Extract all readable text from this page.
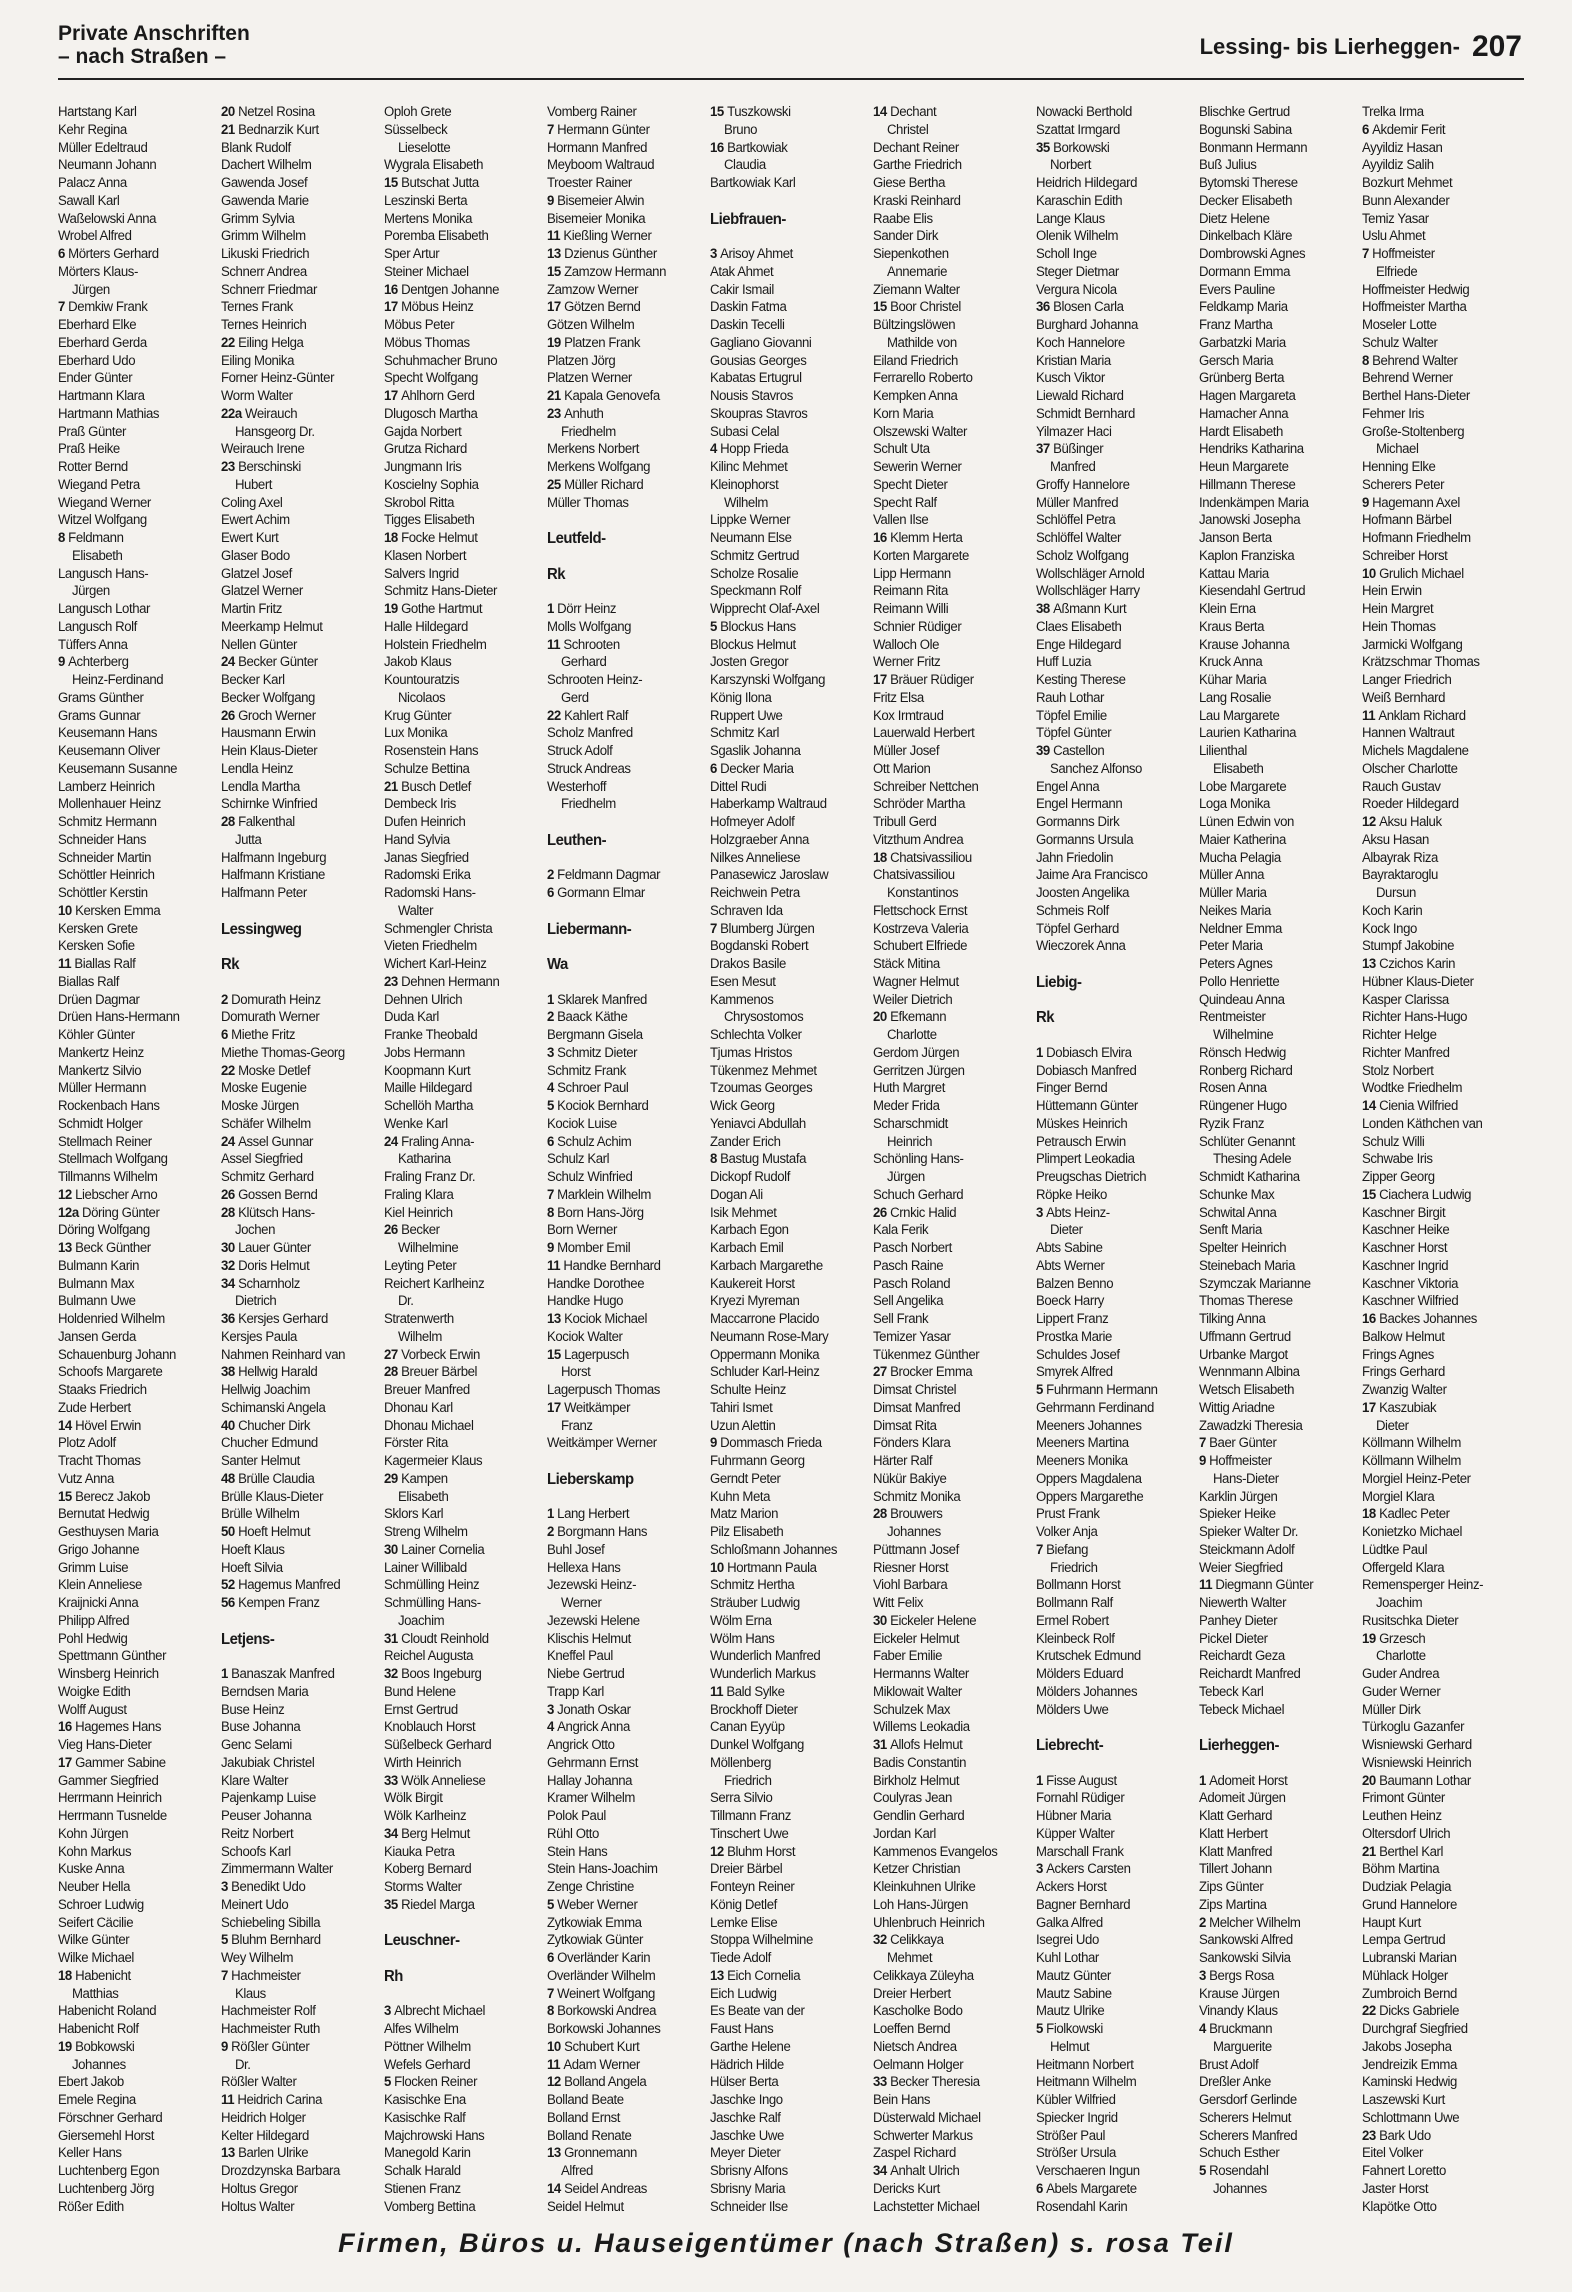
Private Anschriften
– nach Straßen –	Lessing- bis Lierheggen- 207
Hartstang Karl
Kehr Regina
Müller Edeltraud
Neumann Johann
Palacz Anna
Sawall Karl
Waßelowski Anna
Wrobel Alfred
6 Mörters Gerhard
Mörters Klaus-
Jürgen
7 Demkiw Frank
Eberhard Elke
Eberhard Gerda
Eberhard Udo
Ender Günter
Hartmann Klara
Hartmann Mathias
Praß Günter
Praß Heike
Rotter Bernd
Wiegand Petra
Wiegand Werner
Witzel Wolfgang
8 Feldmann
Elisabeth
Langusch Hans-
Jürgen
Langusch Lothar
Langusch Rolf
Tüffers Anna
9 Achterberg
Heinz-Ferdinand
Grams Günther
Grams Gunnar
Keusemann Hans
Keusemann Oliver
Keusemann Susanne
Lamberz Heinrich
Mollenhauer Heinz
Schmitz Hermann
Schneider Hans
Schneider Martin
Schöttler Heinrich
Schöttler Kerstin
10 Kersken Emma
Kersken Grete
Kersken Sofie
11 Biallas Ralf
Biallas Ralf
Drüen Dagmar
Drüen Hans-Hermann
Köhler Günter
Mankertz Heinz
Mankertz Silvio
Müller Hermann
Rockenbach Hans
Schmidt Holger
Stellmach Reiner
Stellmach Wolfgang
Tillmanns Wilhelm
12 Liebscher Arno
12a Döring Günter
Döring Wolfgang
13 Beck Günther
Bulmann Karin
Bulmann Max
Bulmann Uwe
Holdenried Wilhelm
Jansen Gerda
Schauenburg Johann
Schoofs Margarete
Staaks Friedrich
Zude Herbert
14 Hövel Erwin
Plotz Adolf
Tracht Thomas
Vutz Anna
15 Berecz Jakob
Bernutat Hedwig
Gesthuysen Maria
Grigo Johanne
Grimm Luise
Klein Anneliese
Kraijnicki Anna
Philipp Alfred
Pohl Hedwig
Spettmann Günther
Winsberg Heinrich
Woigke Edith
Wolff August
16 Hagemes Hans
Vieg Hans-Dieter
17 Gammer Sabine
Gammer Siegfried
Herrmann Heinrich
Herrmann Tusnelde
Kohn Jürgen
Kohn Markus
Kuske Anna
Neuber Hella
Schroer Ludwig
Seifert Cäcilie
Wilke Günter
Wilke Michael
18 Habenicht
Matthias
Habenicht Roland
Habenicht Rolf
19 Bobkowski
Johannes
Ebert Jakob
Emele Regina
Förschner Gerhard
Giersemehl Horst
Keller Hans
Luchtenberg Egon
Luchtenberg Jörg
Rößer Edith
20 Netzel Rosina
21 Bednarzik Kurt
Blank Rudolf
Dachert Wilhelm
Gawenda Josef
Gawenda Marie
Grimm Sylvia
Grimm Wilhelm
Likuski Friedrich
Schnerr Andrea
Schnerr Friedmar
Ternes Frank
Ternes Heinrich
22 Eiling Helga
Eiling Monika
Forner Heinz-Günter
Worm Walter
22a Weirauch
Hansgeorg Dr.
Weirauch Irene
23 Berschinski
Hubert
Coling Axel
Ewert Achim
Ewert Kurt
Glaser Bodo
Glatzel Josef
Glatzel Werner
Martin Fritz
Meerkamp Helmut
Nellen Günter
24 Becker Günter
Becker Karl
Becker Wolfgang
26 Groch Werner
Hausmann Erwin
Hein Klaus-Dieter
Lendla Heinz
Lendla Martha
Schirnke Winfried
28 Falkenthal
Jutta
Halfmann Ingeburg
Halfmann Kristiane
Halfmann Peter
Lessingweg
Rk
2 Domurath Heinz
Domurath Werner
6 Miethe Fritz
Miethe Thomas-Georg
22 Moske Detlef
Moske Eugenie
Moske Jürgen
Schäfer Wilhelm
24 Assel Gunnar
Assel Siegfried
Schmitz Gerhard
26 Gossen Bernd
28 Klütsch Hans-
Jochen
30 Lauer Günter
32 Doris Helmut
34 Scharnholz
Dietrich
36 Kersjes Gerhard
Kersjes Paula
Nahmen Reinhard van
38 Hellwig Harald
Hellwig Joachim
Schimanski Angela
40 Chucher Dirk
Chucher Edmund
Santer Helmut
48 Brülle Claudia
Brülle Klaus-Dieter
Brülle Wilhelm
50 Hoeft Helmut
Hoeft Klaus
Hoeft Silvia
52 Hagemus Manfred
56 Kempen Franz
Letjens-
1 Banaszak Manfred
Berndsen Maria
Buse Heinz
Buse Johanna
Genc Selami
Jakubiak Christel
Klare Walter
Pajenkamp Luise
Peuser Johanna
Reitz Norbert
Schoofs Karl
Zimmermann Walter
3 Benedikt Udo
Meinert Udo
Schiebeling Sibilla
5 Bluhm Bernhard
Wey Wilhelm
7 Hachmeister
Klaus
Hachmeister Rolf
Hachmeister Ruth
9 Rößler Günter
Dr.
Rößler Walter
11 Heidrich Carina
Heidrich Holger
Kelter Hildegard
13 Barlen Ulrike
Drozdzynska Barbara
Holtus Gregor
Holtus Walter
Oploh Grete
Süsselbeck
Lieselotte
Wygrala Elisabeth
15 Butschat Jutta
Leszinski Berta
Mertens Monika
Poremba Elisabeth
Sper Artur
Steiner Michael
16 Dentgen Johanne
17 Möbus Heinz
Möbus Peter
Möbus Thomas
Schuhmacher Bruno
Specht Wolfgang
17 Ahlhorn Gerd
Dlugosch Martha
Gajda Norbert
Grutza Richard
Jungmann Iris
Koscielny Sophia
Skrobol Ritta
Tigges Elisabeth
18 Focke Helmut
Klasen Norbert
Salvers Ingrid
Schmitz Hans-Dieter
19 Gothe Hartmut
Halle Hildegard
Holstein Friedhelm
Jakob Klaus
Kountouratzis
Nicolaos
Krug Günter
Lux Monika
Rosenstein Hans
Schulze Bettina
21 Busch Detlef
Dembeck Iris
Dufen Heinrich
Hand Sylvia
Janas Siegfried
Radomski Erika
Radomski Hans-
Walter
Schmengler Christa
Vieten Friedhelm
Wichert Karl-Heinz
23 Dehnen Hermann
Dehnen Ulrich
Duda Karl
Franke Theobald
Jobs Hermann
Koopmann Kurt
Maille Hildegard
Schellöh Martha
Wenke Karl
24 Fraling Anna-
Katharina
Fraling Franz Dr.
Fraling Klara
Kiel Heinrich
26 Becker
Wilhelmine
Leyting Peter
Reichert Karlheinz
Dr.
Stratenwerth
Wilhelm
27 Vorbeck Erwin
28 Breuer Bärbel
Breuer Manfred
Dhonau Karl
Dhonau Michael
Förster Rita
Kagermeier Klaus
29 Kampen
Elisabeth
Sklors Karl
Streng Wilhelm
30 Lainer Cornelia
Lainer Willibald
Schmülling Heinz
Schmülling Hans-
Joachim
31 Cloudt Reinhold
Reichel Augusta
32 Boos Ingeburg
Bund Helene
Ernst Gertrud
Knoblauch Horst
Süßelbeck Gerhard
Wirth Heinrich
33 Wölk Anneliese
Wölk Birgit
Wölk Karlheinz
34 Berg Helmut
Kiauka Petra
Koberg Bernard
Storms Walter
35 Riedel Marga
Leuschner-
Rh
3 Albrecht Michael
Alfes Wilhelm
Pöttner Wilhelm
Wefels Gerhard
5 Flocken Reiner
Kasischke Ena
Kasischke Ralf
Majchrowski Hans
Manegold Karin
Schalk Harald
Stienen Franz
Vomberg Bettina
Vomberg Rainer
7 Hermann Günter
Hormann Manfred
Meyboom Waltraud
Troester Rainer
9 Bisemeier Alwin
Bisemeier Monika
11 Kießling Werner
13 Dzienus Günther
15 Zamzow Hermann
Zamzow Werner
17 Götzen Bernd
Götzen Wilhelm
19 Platzen Frank
Platzen Jörg
Platzen Werner
21 Kapala Genovefa
23 Anhuth
Friedhelm
Merkens Norbert
Merkens Wolfgang
25 Müller Richard
Müller Thomas
Leutfeld-
Rk
1 Dörr Heinz
Molls Wolfgang
11 Schrooten
Gerhard
Schrooten Heinz-
Gerd
22 Kahlert Ralf
Scholz Manfred
Struck Adolf
Struck Andreas
Westerhoff
Friedhelm
Leuthen-
2 Feldmann Dagmar
6 Gormann Elmar
Liebermann-
Wa
1 Sklarek Manfred
2 Baack Käthe
Bergmann Gisela
3 Schmitz Dieter
Schmitz Frank
4 Schroer Paul
5 Kociok Bernhard
Kociok Luise
6 Schulz Achim
Schulz Karl
Schulz Winfried
7 Marklein Wilhelm
8 Born Hans-Jörg
Born Werner
9 Momber Emil
11 Handke Bernhard
Handke Dorothee
Handke Hugo
13 Kociok Michael
Kociok Walter
15 Lagerpusch
Horst
Lagerpusch Thomas
17 Weitkämper
Franz
Weitkämper Werner
Lieberskamp
1 Lang Herbert
2 Borgmann Hans
Buhl Josef
Hellexa Hans
Jezewski Heinz-
Werner
Jezewski Helene
Klischis Helmut
Kneffel Paul
Niebe Gertrud
Trapp Karl
3 Jonath Oskar
4 Angrick Anna
Angrick Otto
Gehrmann Ernst
Hallay Johanna
Kramer Wilhelm
Polok Paul
Rühl Otto
Stein Hans
Stein Hans-Joachim
Zenge Christine
5 Weber Werner
Zytkowiak Emma
Zytkowiak Günter
6 Overländer Karin
Overländer Wilhelm
7 Weinert Wolfgang
8 Borkowski Andrea
Borkowski Johannes
10 Schubert Kurt
11 Adam Werner
12 Bolland Angela
Bolland Beate
Bolland Ernst
Bolland Renate
13 Gronnemann
Alfred
14 Seidel Andreas
Seidel Helmut
15 Tuszkowski
Bruno
16 Bartkowiak
Claudia
Bartkowiak Karl
Liebfrauen-
3 Arisoy Ahmet
Atak Ahmet
Cakir Ismail
Daskin Fatma
Daskin Tecelli
Gagliano Giovanni
Gousias Georges
Kabatas Ertugrul
Nousis Stavros
Skoupras Stavros
Subasi Celal
4 Hopp Frieda
Kilinc Mehmet
Kleinophorst
Wilhelm
Lippke Werner
Neumann Else
Schmitz Gertrud
Scholze Rosalie
Speckmann Rolf
Wipprecht Olaf-Axel
5 Blockus Hans
Blockus Helmut
Josten Gregor
Karszynski Wolfgang
König Ilona
Ruppert Uwe
Schmitz Karl
Sgaslik Johanna
6 Decker Maria
Dittel Rudi
Haberkamp Waltraud
Hofmeyer Adolf
Holzgraeber Anna
Nilkes Anneliese
Panasewicz Jaroslaw
Reichwein Petra
Schraven Ida
7 Blumberg Jürgen
Bogdanski Robert
Drakos Basile
Esen Mesut
Kammenos
Chrysostomos
Schlechta Volker
Tjumas Hristos
Tükenmez Mehmet
Tzoumas Georges
Wick Georg
Yeniavci Abdullah
Zander Erich
8 Bastug Mustafa
Dickopf Rudolf
Dogan Ali
Isik Mehmet
Karbach Egon
Karbach Emil
Karbach Margarethe
Kaukereit Horst
Kryezi Myreman
Maccarrone Placido
Neumann Rose-Mary
Oppermann Monika
Schluder Karl-Heinz
Schulte Heinz
Tahiri Ismet
Uzun Alettin
9 Dommasch Frieda
Fuhrmann Georg
Gerndt Peter
Kuhn Meta
Matz Marion
Pilz Elisabeth
Schloßmann Johannes
10 Hortmann Paula
Schmitz Hertha
Sträuber Ludwig
Wölm Erna
Wölm Hans
Wunderlich Manfred
Wunderlich Markus
11 Bald Sylke
Brockhoff Dieter
Canan Eyyüp
Dunkel Wolfgang
Möllenberg
Friedrich
Serra Silvio
Tillmann Franz
Tinschert Uwe
12 Bluhm Horst
Dreier Bärbel
Fonteyn Reiner
König Detlef
Lemke Elise
Stoppa Wilhelmine
Tiede Adolf
13 Eich Cornelia
Eich Ludwig
Es Beate van der
Faust Hans
Garthe Helene
Hädrich Hilde
Hülser Berta
Jaschke Ingo
Jaschke Ralf
Jaschke Uwe
Meyer Dieter
Sbrisny Alfons
Sbrisny Maria
Schneider Ilse
14 Dechant
Christel
Dechant Reiner
Garthe Friedrich
Giese Bertha
Kraski Reinhard
Raabe Elis
Sander Dirk
Siepenkothen
Annemarie
Ziemann Walter
15 Boor Christel
Bültzingslöwen
Mathilde von
Eiland Friedrich
Ferrarello Roberto
Kempken Anna
Korn Maria
Olszewski Walter
Schult Uta
Sewerin Werner
Specht Dieter
Specht Ralf
Vallen Ilse
16 Klemm Herta
Korten Margarete
Lipp Hermann
Reimann Rita
Reimann Willi
Schnier Rüdiger
Walloch Ole
Werner Fritz
17 Bräuer Rüdiger
Fritz Elsa
Kox Irmtraud
Lauerwald Herbert
Müller Josef
Ott Marion
Schreiber Nettchen
Schröder Martha
Tribull Gerd
Vitzthum Andrea
18 Chatsivassiliou
Chatsivassiliou
Konstantinos
Flettschock Ernst
Kostrzeva Valeria
Schubert Elfriede
Stäck Mitina
Wagner Helmut
Weiler Dietrich
20 Efkemann
Charlotte
Gerdom Jürgen
Gerritzen Jürgen
Huth Margret
Meder Frida
Scharschmidt
Heinrich
Schönling Hans-
Jürgen
Schuch Gerhard
26 Crnkic Halid
Kala Ferik
Pasch Norbert
Pasch Raine
Pasch Roland
Sell Angelika
Sell Frank
Temizer Yasar
Tükenmez Günther
27 Brocker Emma
Dimsat Christel
Dimsat Manfred
Dimsat Rita
Fönders Klara
Härter Ralf
Nükür Bakiye
Schmitz Monika
28 Brouwers
Johannes
Püttmann Josef
Riesner Horst
Viohl Barbara
Witt Felix
30 Eickeler Helene
Eickeler Helmut
Faber Emilie
Hermanns Walter
Miklowait Walter
Schulzek Max
Willems Leokadia
31 Allofs Helmut
Badis Constantin
Birkholz Helmut
Coulyras Jean
Gendlin Gerhard
Jordan Karl
Kammenos Evangelos
Ketzer Christian
Kleinkuhnen Ulrike
Loh Hans-Jürgen
Uhlenbruch Heinrich
32 Celikkaya
Mehmet
Celikkaya Züleyha
Dreier Herbert
Kascholke Bodo
Loeffen Bernd
Nietsch Andrea
Oelmann Holger
33 Becker Theresia
Bein Hans
Düsterwald Michael
Schwerter Markus
Zaspel Richard
34 Anhalt Ulrich
Dericks Kurt
Lachstetter Michael
Nowacki Berthold
Szattat Irmgard
35 Borkowski
Norbert
Heidrich Hildegard
Karaschin Edith
Lange Klaus
Olenik Wilhelm
Scholl Inge
Steger Dietmar
Vergura Nicola
36 Blosen Carla
Burghard Johanna
Koch Hannelore
Kristian Maria
Kusch Viktor
Liewald Richard
Schmidt Bernhard
Yilmazer Haci
37 Büßinger
Manfred
Groffy Hannelore
Müller Manfred
Schlöffel Petra
Schlöffel Walter
Scholz Wolfgang
Wollschläger Arnold
Wollschläger Harry
38 Aßmann Kurt
Claes Elisabeth
Enge Hildegard
Huff Luzia
Kesting Therese
Rauh Lothar
Töpfel Emilie
Töpfel Günter
39 Castellon
Sanchez Alfonso
Engel Anna
Engel Hermann
Gormanns Dirk
Gormanns Ursula
Jahn Friedolin
Jaime Ara Francisco
Joosten Angelika
Schmeis Rolf
Töpfel Gerhard
Wieczorek Anna
Liebig-
Rk
1 Dobiasch Elvira
Dobiasch Manfred
Finger Bernd
Hüttemann Günter
Müskes Heinrich
Petrausch Erwin
Plimpert Leokadia
Preugschas Dietrich
Röpke Heiko
3 Abts Heinz-
Dieter
Abts Sabine
Abts Werner
Balzen Benno
Boeck Harry
Lippert Franz
Prostka Marie
Schuldes Josef
Smyrek Alfred
5 Fuhrmann Hermann
Gehrmann Ferdinand
Meeners Johannes
Meeners Martina
Meeners Monika
Oppers Magdalena
Oppers Margarethe
Prust Frank
Volker Anja
7 Biefang
Friedrich
Bollmann Horst
Bollmann Ralf
Ermel Robert
Kleinbeck Rolf
Krutschek Edmund
Mölders Eduard
Mölders Johannes
Mölders Uwe
Liebrecht-
1 Fisse August
Fornahl Rüdiger
Hübner Maria
Küpper Walter
Marschall Frank
3 Ackers Carsten
Ackers Horst
Bagner Bernhard
Galka Alfred
Isegrei Udo
Kuhl Lothar
Mautz Günter
Mautz Sabine
Mautz Ulrike
5 Fiolkowski
Helmut
Heitmann Norbert
Heitmann Wilhelm
Kübler Wilfried
Spiecker Ingrid
Strößer Paul
Strößer Ursula
Verschaeren Ingun
6 Abels Margarete
Rosendahl Karin
Blischke Gertrud
Bogunski Sabina
Bonmann Hermann
Buß Julius
Bytomski Therese
Decker Elisabeth
Dietz Helene
Dinkelbach Kläre
Dombrowski Agnes
Dormann Emma
Evers Pauline
Feldkamp Maria
Franz Martha
Garbatzki Maria
Gersch Maria
Grünberg Berta
Hagen Margareta
Hamacher Anna
Hardt Elisabeth
Hendriks Katharina
Heun Margarete
Hillmann Therese
Indenkämpen Maria
Janowski Josepha
Janson Berta
Kaplon Franziska
Kattau Maria
Kiesendahl Gertrud
Klein Erna
Kraus Berta
Krause Johanna
Kruck Anna
Kühar Maria
Lang Rosalie
Lau Margarete
Laurien Katharina
Lilienthal
Elisabeth
Lobe Margarete
Loga Monika
Lünen Edwin von
Maier Katherina
Mucha Pelagia
Müller Anna
Müller Maria
Neikes Maria
Neldner Emma
Peter Maria
Peters Agnes
Pollo Henriette
Quindeau Anna
Rentmeister
Wilhelmine
Rönsch Hedwig
Ronberg Richard
Rosen Anna
Rüngener Hugo
Ryzik Franz
Schlüter Genannt
Thesing Adele
Schmidt Katharina
Schunke Max
Schwital Anna
Senft Maria
Spelter Heinrich
Steinebach Maria
Szymczak Marianne
Thomas Therese
Tilking Anna
Uffmann Gertrud
Urbanke Margot
Wennmann Albina
Wetsch Elisabeth
Wittig Ariadne
Zawadzki Theresia
7 Baer Günter
9 Hoffmeister
Hans-Dieter
Karklin Jürgen
Spieker Heike
Spieker Walter Dr.
Steickmann Adolf
Weier Siegfried
11 Diegmann Günter
Niewerth Walter
Panhey Dieter
Pickel Dieter
Reichardt Geza
Reichardt Manfred
Tebeck Karl
Tebeck Michael
Lierheggen-
1 Adomeit Horst
Adomeit Jürgen
Klatt Gerhard
Klatt Herbert
Klatt Manfred
Tillert Johann
Zips Günter
Zips Martina
2 Melcher Wilhelm
Sankowski Alfred
Sankowski Silvia
3 Bergs Rosa
Krause Jürgen
Vinandy Klaus
4 Bruckmann
Marguerite
Brust Adolf
Dreßler Anke
Gersdorf Gerlinde
Scherers Helmut
Scherers Manfred
Schuch Esther
5 Rosendahl
Johannes
Trelka Irma
6 Akdemir Ferit
Ayyildiz Hasan
Ayyildiz Salih
Bozkurt Mehmet
Bunn Alexander
Temiz Yasar
Uslu Ahmet
7 Hoffmeister
Elfriede
Hoffmeister Hedwig
Hoffmeister Martha
Moseler Lotte
Schulz Walter
8 Behrend Walter
Behrend Werner
Berthel Hans-Dieter
Fehmer Iris
Große-Stoltenberg
Michael
Henning Elke
Scherers Peter
9 Hagemann Axel
Hofmann Bärbel
Hofmann Friedhelm
Schreiber Horst
10 Grulich Michael
Hein Erwin
Hein Margret
Hein Thomas
Jarmicki Wolfgang
Krätzschmar Thomas
Langer Friedrich
Weiß Bernhard
11 Anklam Richard
Hannen Waltraut
Michels Magdalene
Olscher Charlotte
Rauch Gustav
Roeder Hildegard
12 Aksu Haluk
Aksu Hasan
Albayrak Riza
Bayraktaroglu
Dursun
Koch Karin
Kock Ingo
Stumpf Jakobine
13 Czichos Karin
Hübner Klaus-Dieter
Kasper Clarissa
Richter Hans-Hugo
Richter Helge
Richter Manfred
Stolz Norbert
Wodtke Friedhelm
14 Cienia Wilfried
Londen Käthchen van
Schulz Willi
Schwabe Iris
Zipper Georg
15 Ciachera Ludwig
Kaschner Birgit
Kaschner Heike
Kaschner Horst
Kaschner Ingrid
Kaschner Viktoria
Kaschner Wilfried
16 Backes Johannes
Balkow Helmut
Frings Agnes
Frings Gerhard
Zwanzig Walter
17 Kaszubiak
Dieter
Köllmann Wilhelm
Köllmann Wilhelm
Morgiel Heinz-Peter
Morgiel Klara
18 Kadlec Peter
Konietzko Michael
Lüdtke Paul
Offergeld Klara
Remensperger Heinz-
Joachim
Rusitschka Dieter
19 Grzesch
Charlotte
Guder Andrea
Guder Werner
Müller Dirk
Türkoglu Gazanfer
Wisniewski Gerhard
Wisniewski Heinrich
20 Baumann Lothar
Frimont Günter
Leuthen Heinz
Oltersdorf Ulrich
21 Berthel Karl
Böhm Martina
Dudziak Pelagia
Grund Hannelore
Haupt Kurt
Lempa Gertrud
Lubranski Marian
Mühlack Holger
Zumbroich Bernd
22 Dicks Gabriele
Durchgraf Siegfried
Jakobs Josepha
Jendreizik Emma
Kaminski Hedwig
Laszewski Kurt
Schlottmann Uwe
23 Bark Udo
Eitel Volker
Fahnert Loretto
Jaster Horst
Klapötke Otto
Firmen, Büros u. Hauseigentümer (nach Straßen) s. rosa Teil
